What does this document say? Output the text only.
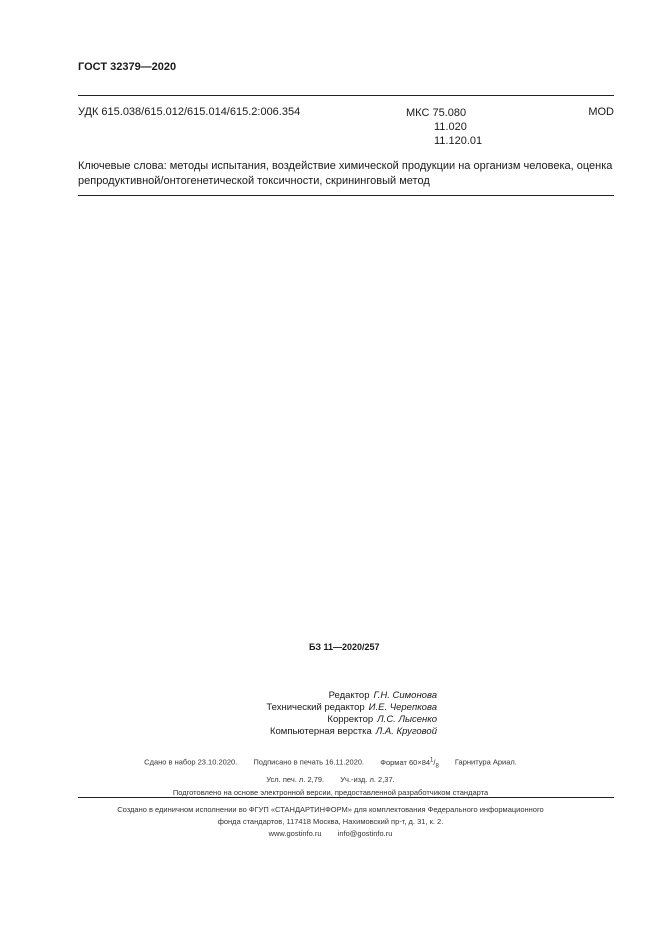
ГОСТ 32379—2020
УДК 615.038/615.012/615.014/615.2:006.354	МКС 75.080
11.020
11.120.01
MOD
Ключевые слова: методы испытания, воздействие химической продукции на организм человека, оценка репродуктивной/онтогенетической токсичности, скрининговый метод
БЗ 11—2020/257
Редактор Г.Н. Симонова
Технический редактор И.Е. Черепкова
Корректор Л.С. Лысенко
Компьютерная верстка Л.А. Круговой
Сдано в набор 23.10.2020. Подписано в печать 16.11.2020. Формат $60\times 84^1/_8$ Гарнитура Ариал.
Усл. печ. л. 2,79. Уч.-изд. л. 2,37.
Подготовлено на основе электронной версии, предоставленной разработчиком стандарта
Создано в единичном исполнении во ФГУП «СТАНДАРТИНФОРМ» для комплектования Федерального информационного
фонда стандартов, 117418 Москва, Нахимовский пр-т, д. 31, к. 2.
www.gostinfo.ru info@gostinfo.ru
